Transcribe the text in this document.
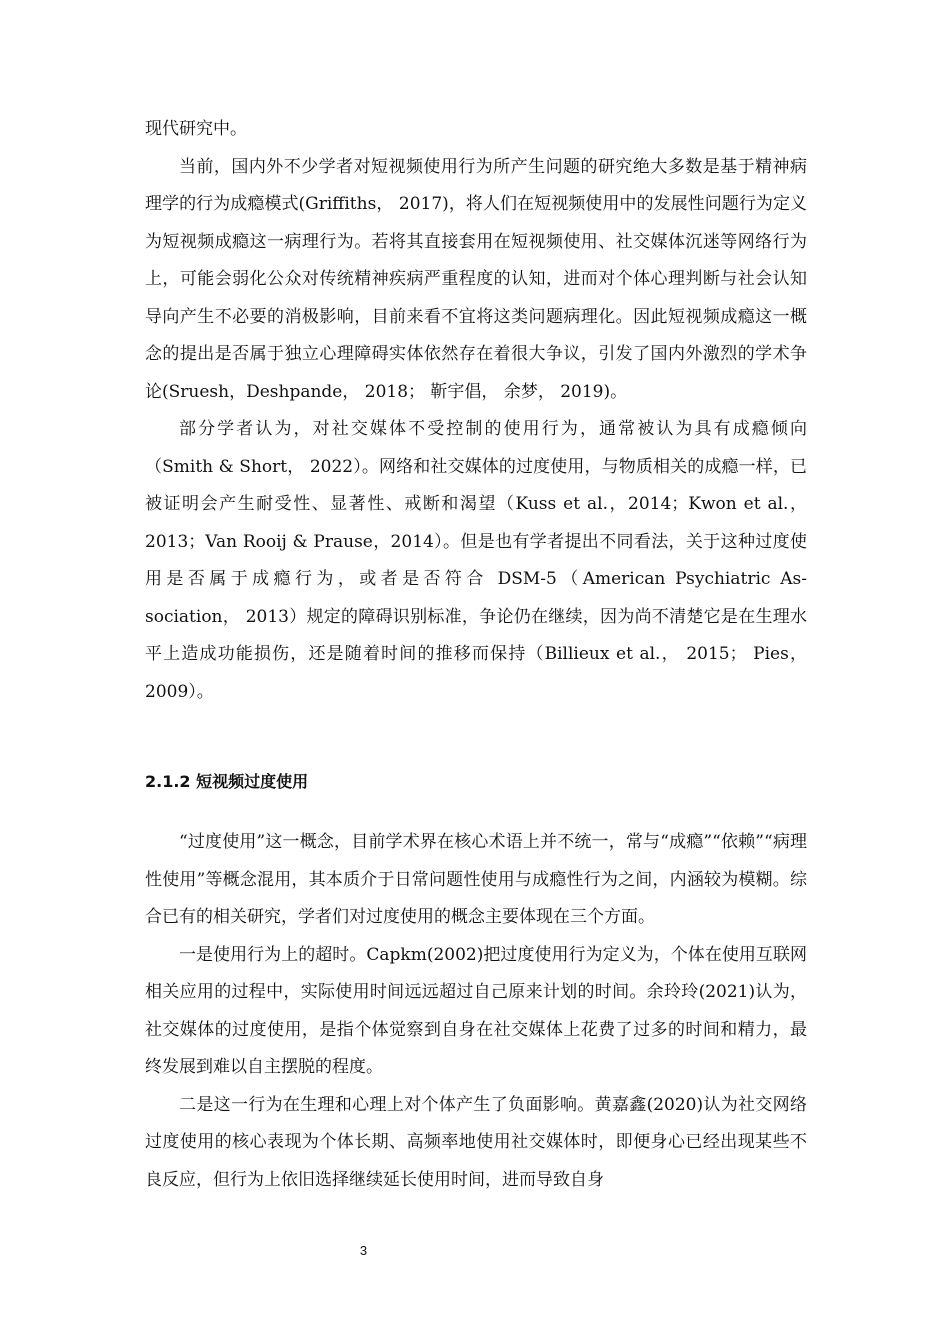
现代研究中。

当前，国内外不少学者对短视频使用行为所产生问题的研究绝大多数是基于精神病理学的行为成瘾模式(Griffiths， 2017)，将人们在短视频使用中的发展性问题行为定义为短视频成瘾这一病理行为。若将其直接套用在短视频使用、社交媒体沉迷等网络行为上，可能会弱化公众对传统精神疾病严重程度的认知，进而对个体心理判断与社会认知导向产生不必要的消极影响，目前来看不宜将这类问题病理化。因此短视频成瘾这一概念的提出是否属于独立心理障碍实体依然存在着很大争议，引发了国内外激烈的学术争论(Sruesh，Deshpande， 2018； 靳宇倡， 余梦， 2019)。

部分学者认为，对社交媒体不受控制的使用行为，通常被认为具有成瘾倾向（Smith & Short， 2022）。网络和社交媒体的过度使用，与物质相关的成瘾一样，已被证明会产生耐受性、显著性、戒断和渴望（Kuss et al.，2014；Kwon et al.，2013；Van Rooij & Prause，2014）。但是也有学者提出不同看法，关于这种过度使用是否属于成瘾行为，或者是否符合 DSM-5（American Psychiatric As-sociation， 2013）规定的障碍识别标准，争论仍在继续，因为尚不清楚它是在生理水平上造成功能损伤，还是随着时间的推移而保持（Billieux et al.， 2015； Pies， 2009）。

2.1.2 短视频过度使用

“过度使用”这一概念，目前学术界在核心术语上并不统一，常与“成瘾”“依赖”“病理性使用”等概念混用，其本质介于日常问题性使用与成瘾性行为之间，内涵较为模糊。综合已有的相关研究，学者们对过度使用的概念主要体现在三个方面。

一是使用行为上的超时。Capkm(2002)把过度使用行为定义为，个体在使用互联网相关应用的过程中，实际使用时间远远超过自己原来计划的时间。余玲玲(2021)认为，社交媒体的过度使用，是指个体觉察到自身在社交媒体上花费了过多的时间和精力，最终发展到难以自主摆脱的程度。

二是这一行为在生理和心理上对个体产生了负面影响。黄嘉鑫(2020)认为社交网络过度使用的核心表现为个体长期、高频率地使用社交媒体时，即便身心已经出现某些不良反应，但行为上依旧选择继续延长使用时间，进而导致自身

3
